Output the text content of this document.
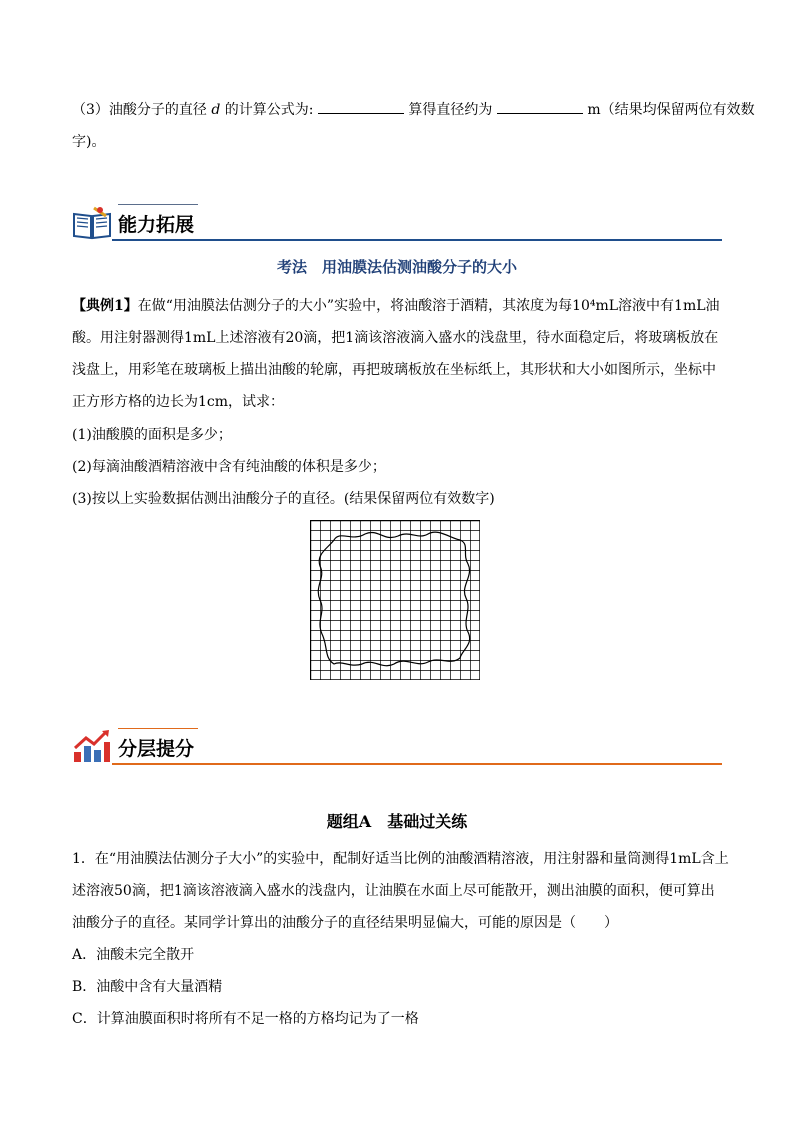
（3）油酸分子的直径 d 的计算公式为:	算得直径约为	m（结果均保留两位有效数
字)。
能力拓展
考法　用油膜法估测油酸分子的大小
【典例1】在做“用油膜法估测分子的大小”实验中，将油酸溶于酒精，其浓度为每10⁴mL溶液中有1mL油
酸。用注射器测得1mL上述溶液有20滴，把1滴该溶液滴入盛水的浅盘里，待水面稳定后，将玻璃板放在
浅盘上，用彩笔在玻璃板上描出油酸的轮廓，再把玻璃板放在坐标纸上，其形状和大小如图所示，坐标中
正方形方格的边长为1cm，试求：
(1)油酸膜的面积是多少；
(2)每滴油酸酒精溶液中含有纯油酸的体积是多少；
(3)按以上实验数据估测出油酸分子的直径。(结果保留两位有效数字)
分层提分
题组A　基础过关练
1．在“用油膜法估测分子大小”的实验中，配制好适当比例的油酸酒精溶液，用注射器和量筒测得1mL含上
述溶液50滴，把1滴该溶液滴入盛水的浅盘内，让油膜在水面上尽可能散开，测出油膜的面积，便可算出
油酸分子的直径。某同学计算出的油酸分子的直径结果明显偏大，可能的原因是（　　）
A．油酸未完全散开
B．油酸中含有大量酒精
C．计算油膜面积时将所有不足一格的方格均记为了一格
